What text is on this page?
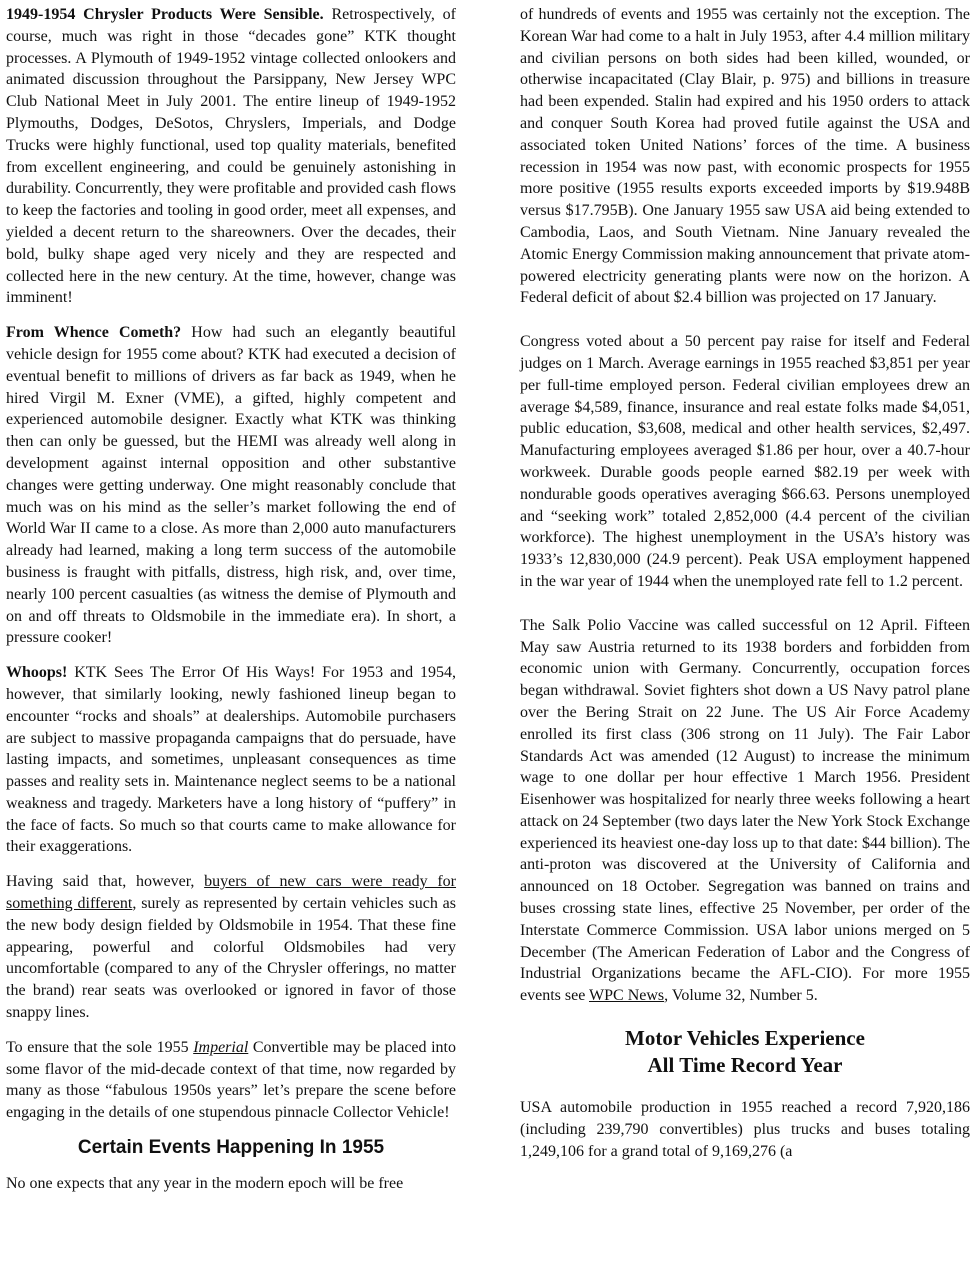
1949-1954 Chrysler Products Were Sensible. Retrospectively, of course, much was right in those “decades gone” KTK thought processes. A Plymouth of 1949-1952 vintage collected onlookers and animated discussion throughout the Parsippany, New Jersey WPC Club National Meet in July 2001. The entire lineup of 1949-1952 Plymouths, Dodges, DeSotos, Chryslers, Imperials, and Dodge Trucks were highly functional, used top quality materials, benefited from excellent engineering, and could be genuinely astonishing in durability. Concurrently, they were profitable and provided cash flows to keep the factories and tooling in good order, meet all expenses, and yielded a decent return to the shareowners. Over the decades, their bold, bulky shape aged very nicely and they are respected and collected here in the new century. At the time, however, change was imminent!

From Whence Cometh? How had such an elegantly beautiful vehicle design for 1955 come about? KTK had executed a decision of eventual benefit to millions of drivers as far back as 1949, when he hired Virgil M. Exner (VME), a gifted, highly competent and experienced automobile designer. Exactly what KTK was thinking then can only be guessed, but the HEMI was already well along in development against internal opposition and other substantive changes were getting underway. One might reasonably conclude that much was on his mind as the seller’s market following the end of World War II came to a close. As more than 2,000 auto manufacturers already had learned, making a long term success of the automobile business is fraught with pitfalls, distress, high risk, and, over time, nearly 100 percent casualties (as witness the demise of Plymouth and on and off threats to Oldsmobile in the immediate era). In short, a pressure cooker!

Whoops! KTK Sees The Error Of His Ways! For 1953 and 1954, however, that similarly looking, newly fashioned lineup began to encounter “rocks and shoals” at dealerships. Automobile purchasers are subject to massive propaganda campaigns that do persuade, have lasting impacts, and sometimes, unpleasant consequences as time passes and reality sets in. Maintenance neglect seems to be a national weakness and tragedy. Marketers have a long history of “puffery” in the face of facts. So much so that courts came to make allowance for their exaggerations.

Having said that, however, buyers of new cars were ready for something different, surely as represented by certain vehicles such as the new body design fielded by Oldsmobile in 1954. That these fine appearing, powerful and colorful Oldsmobiles had very uncomfortable (compared to any of the Chrysler offerings, no matter the brand) rear seats was overlooked or ignored in favor of those snappy lines.

To ensure that the sole 1955 Imperial Convertible may be placed into some flavor of the mid-decade context of that time, now regarded by many as those “fabulous 1950s years” let’s prepare the scene before engaging in the details of one stupendous pinnacle Collector Vehicle!

Certain Events Happening In 1955

No one expects that any year in the modern epoch will be free

of hundreds of events and 1955 was certainly not the exception. The Korean War had come to a halt in July 1953, after 4.4 million military and civilian persons on both sides had been killed, wounded, or otherwise incapacitated (Clay Blair, p. 975) and billions in treasure had been expended. Stalin had expired and his 1950 orders to attack and conquer South Korea had proved futile against the USA and associated token United Nations’ forces of the time. A business recession in 1954 was now past, with economic prospects for 1955 more positive (1955 results exports exceeded imports by $19.948B versus $17.795B). One January 1955 saw USA aid being extended to Cambodia, Laos, and South Vietnam. Nine January revealed the Atomic Energy Commission making announcement that private atom-powered electricity generating plants were now on the horizon. A Federal deficit of about $2.4 billion was projected on 17 January.

Congress voted about a 50 percent pay raise for itself and Federal judges on 1 March. Average earnings in 1955 reached $3,851 per year per full-time employed person. Federal civilian employees drew an average $4,589, finance, insurance and real estate folks made $4,051, public education, $3,608, medical and other health services, $2,497. Manufacturing employees averaged $1.86 per hour, over a 40.7-hour workweek. Durable goods people earned $82.19 per week with nondurable goods operatives averaging $66.63. Persons unemployed and “seeking work” totaled 2,852,000 (4.4 percent of the civilian workforce). The highest unemployment in the USA’s history was 1933’s 12,830,000 (24.9 percent). Peak USA employment happened in the war year of 1944 when the unemployed rate fell to 1.2 percent.

The Salk Polio Vaccine was called successful on 12 April. Fifteen May saw Austria returned to its 1938 borders and forbidden from economic union with Germany. Concurrently, occupation forces began withdrawal. Soviet fighters shot down a US Navy patrol plane over the Bering Strait on 22 June. The US Air Force Academy enrolled its first class (306 strong on 11 July). The Fair Labor Standards Act was amended (12 August) to increase the minimum wage to one dollar per hour effective 1 March 1956. President Eisenhower was hospitalized for nearly three weeks following a heart attack on 24 September (two days later the New York Stock Exchange experienced its heaviest one-day loss up to that date: $44 billion). The anti-proton was discovered at the University of California and announced on 18 October. Segregation was banned on trains and buses crossing state lines, effective 25 November, per order of the Interstate Commerce Commission. USA labor unions merged on 5 December (The American Federation of Labor and the Congress of Industrial Organizations became the AFL-CIO). For more 1955 events see WPC News, Volume 32, Number 5.

Motor Vehicles Experience
All Time Record Year

USA automobile production in 1955 reached a record 7,920,186 (including 239,790 convertibles) plus trucks and buses totaling 1,249,106 for a grand total of 9,169,276 (a
